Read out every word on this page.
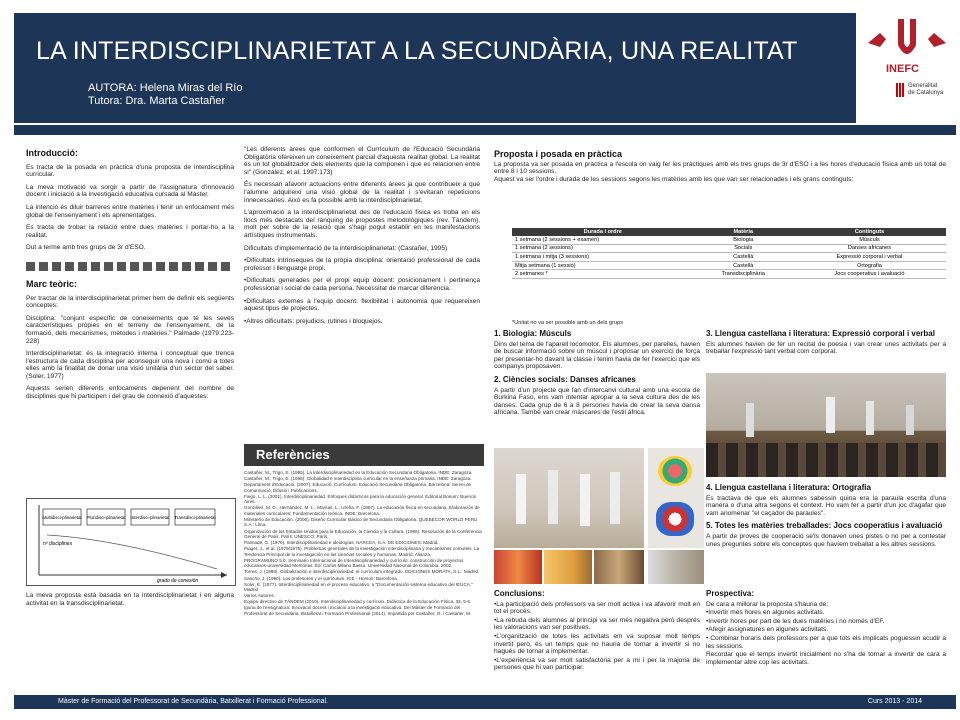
LA INTERDISCIPLINARIETAT A LA SECUNDÀRIA, UNA REALITAT
AUTORA: Helena Miras del Río
Tutora: Dra. Marta Castañer
INEFC
Generalitat
de Catalunya
Introducció:

Es tracta de la posada en pràctica d'una proposta de interdisciplina curricular.

La meva motivació va sorgir a partir de l'assignatura d'innovació docent i iniciació a la investigació educativa cursada al Màster.

La intenció és diluir barreres entre matèries i tenir un enfocament més global de l'ensenyament i els aprenentatges.

Es tracta de trobar la relació entre dues matèries i portar-ho a la realitat.

Dut a terme amb tres grups de 3r d'ESO.

Marc teòric:

Per tractar de la interdisciplinarietat primer hem de definir els següents conceptes:

Disciplina: "conjunt específic de coneixements que té les seves característiques pròpies en el terreny de l'ensenyament, de la formació, dels mecanismes, mètodes i matèries." Palmade (1979:223-228)

Interdisciplinarietat: és la integració interna i conceptual que trenca l'estructura de cada disciplina per aconseguir una nova i comú a totes elles amb la finalitat de donar una visió unitària d'un sector del saber. (Soler, 1977)

Aquests serien diferents enfocaments depenent del nombre de disciplines que hi participen i del grau de connexió d'aquestes:

Multidisci-plinarietat Pluridisci-plinarietat Interdisci-plinarietat Transdisci-plinarietat
nº disciplines
grado de conexión

La meva proposta està basada en la interdisciplinarietat i en alguna activitat en la transdisciplinarietat.

"Les diferents àrees que conformen el Currículum de l'Educació Secundària Obligatòria ofereixen un coneixement parcial d'aquesta realitat global. La realitat és un tot globalitzador dels elements que la componen i que es relacionen entre si" (González, et al. 1997:173)

És necessari afavorir actuacions entre diferents àrees ja que contribueix a que l'alumne adquireixi una visió global de la realitat i s'evitaran repeticions innecessàries. Això es fa possible amb la interdisciplinarietat.

L'aproximació a la interdisciplinarietat des de l'educació física es troba en els llocs més destacats del rànquing de propostes metodològiques (rev. Tàndem), molt per sobre de la relació que s'hagi pogut establir en les manifestacions artístiques instrumentals.

Dificultats d'implementació de la interdisciplinarietat: (Castañer, 1995)

•Dificultats intrínseques de la pròpia disciplina: orientació professional de cada professor i llenguatge propi.

•Dificultats generades per el propi equip docent: posicionament i pertinença professional i social de cada persona. Necessitat de marcar diferència.

•Dificultats externes a l'equip docent: flexibilitat i autonomia que requereixen aquest tipus de projectes.

•Altres dificultats: prejudicis, rutines i bloquejos.

Referències
Castañer, M., Trigo, E. (1995). La interdisciplinariedad en la Educación Secundaria Obligatoria. INDE: Zaragoza.
Castañer, M., Trigo, E. (1998). Globalidad e interdisciplina curricular en la enseñanza primaria. INDE: Zaragoza.
Departament d'Educació. (2007). Educació: Currículum. Educació Secundària Obligatòria. Barcelona: Servei de Comunicació, Difusió i Publicacions.
Fiego, L. L. (2001). Interdisciplinariedad. Enfoques didácticos para la educación general. Editorial Bonum: Buenos Aires.
González, M. D., Hernández, M. L., Manuel, L., Ureña, F. (1997). La educación física en secundaria. Elaboración de materiales curriculares: Fundamentación teórica. INDE: Barcelona.
Ministerio de Educación. (2006). Diseño Curricular Básico de Secundaria Obligatoria. QUEBECOR WORLD PERÚ S.A.: Lima.
Organización de los Estados Unidos para la Educación, la Ciencia y la Cultura. (1986). Resolución de la Conferencia General de Paris. París: UNESCO: París.
Palmade, G. (1979). Interdisciplinariedad e ideologías. NARCEA, S.A. DE EDICIONES: Madrid.
Piaget, J., et al. (1979/1975). Problemas generales de la investigación interdisciplinaria y mecanismos comunes. La Tendencia Principal de la investigación en las ciencias sociales y humanas. Madrid: Alianza.
PROGRAMUNO 5.0. Seminario Internacional de Interdisciplinariedad y currículo: construcción de proyectos educativos-universidad Memorias. Ed: Carlos Milano Basso. Universidad Nacional de Colombia. 2002.
Torres, J. (1998). Globalización e interdisciplinariedad: el currículum integrado. EDICIONES MORATA, S.L.: Madrid.
Sancho, J. (1990). Los profesores y el currículum. ICE - Horsori: Barcelona.
Soler, E. (1977). Interdisciplinariedad en el proceso educativo. a "Documentación sistema educativo del IEUCA." Madrid
Varios Autores.
Equipo directivo de TÀNDEM (2010). Interdisciplinariedad y currículo. Didáctica de la Educación Física, 33, 5-6.
Iguna de l'ensignatura: Innovació docent i iniciació a la investigació educativa. Del Màster de Formació del Professorat de Secundària, Batxillerat i Formació Professional (2014). Impartida per Castañer, O. i Castañer, M.
Proposta i posada en pràctica

La proposta va ser posada en pràctica a l'escola on vaig fer les pràctiques amb els tres grups de 3r d'ESO i a les hores d'educació física amb un total de entre 8 i 10 sessions.

Aquest va ser l'ordre i durada de les sessions segons les matèries amb les que van ser relacionades i els grans continguts:

Durada i ordre	Matèria	Continguts
1 setmana (2 sessions + examen)	Biologia	Músculs
1 setmana (2 sessions)	Socials	Danses africanes
1 setmana i mitja (3 sessions)	Castellà	Expressió corporal i verbal
Mitja setmana (1 sessió)	Castellà	Ortografia
2 setmanes *	Transdisciplinària	Jocs cooperatius i avaluació
*Unitat no va ser possible amb un dels grups
1. Biologia: Músculs

Dins del tema de l'aparell locomotor. Els alumnes, per parelles, havien de buscar informació sobre un múscul i proposar un exercici de força per presentar-ho davant la classe i tenim havia de fer l'exercici que els companys proposaven.

2. Ciències socials: Danses africanes

A partir d'un projecte que fan d'intercanvi cultural amb una escola de Burkina Faso, ens vam intentar apropar a la seva cultura des de les danses. Cada grup de 6 a 8 persones havia de crear la seva dansa africana. També van crear màscares de l'estil àfrica.

3. Llengua castellana i literatura: Expressió corporal i verbal

Els alumnes havien de fer un recital de poesia i van crear unes activitats per a treballar l'expressió tant verbal com corporal.

4. Llengua castellana i literatura: Ortografia

Es tractava de que els alumnes sabessin quina era la paraula escrita d'una manera o d'una altra segons el context. Ho vam fer a partir d'un joc d'agafar que vam anomenar "el caçador de paraules".

5. Totes les matèries treballades: Jocs cooperatius i avaluació

A partir de proves de cooperació se'ls donaven unes pistes o no per a contestar unes preguntes sobre els conceptes que havíem treballat a les altres sessions.

Conclusions:

•La participació dels professors va ser molt activa i va afavorir molt en tot el procés.

•La rebuda dels alumnes al principi va ser més negativa però després les valoracions van ser positives.

•L'organització de totes les activitats em va suposar molt temps invertit però, és un temps que no hauria de tornar a invertir si no hagués de tornar a implementar.

•L'experiència va ser molt satisfactòria per a mi i per la majoria de persones que hi van participar.

Prospectiva:

De cara a millorar la proposta s'hauria de:

•Invertir més hores en algunes activitats.

•Invertir hores per part de les dues matèries i no només d'EF.

•Afegir assignatures en algunes activitats.

• Combinar horaris dels professors per a que tots els implicats poguessin acudir a les sessions.

Recordar que el temps invertit inicialment no s'ha de tornar a invertir de cara a implementar altre cop les activitats.

Màster de Formació del Professorat de Secundària, Batxillerat i Formació Professional.	Curs 2013 - 2014
